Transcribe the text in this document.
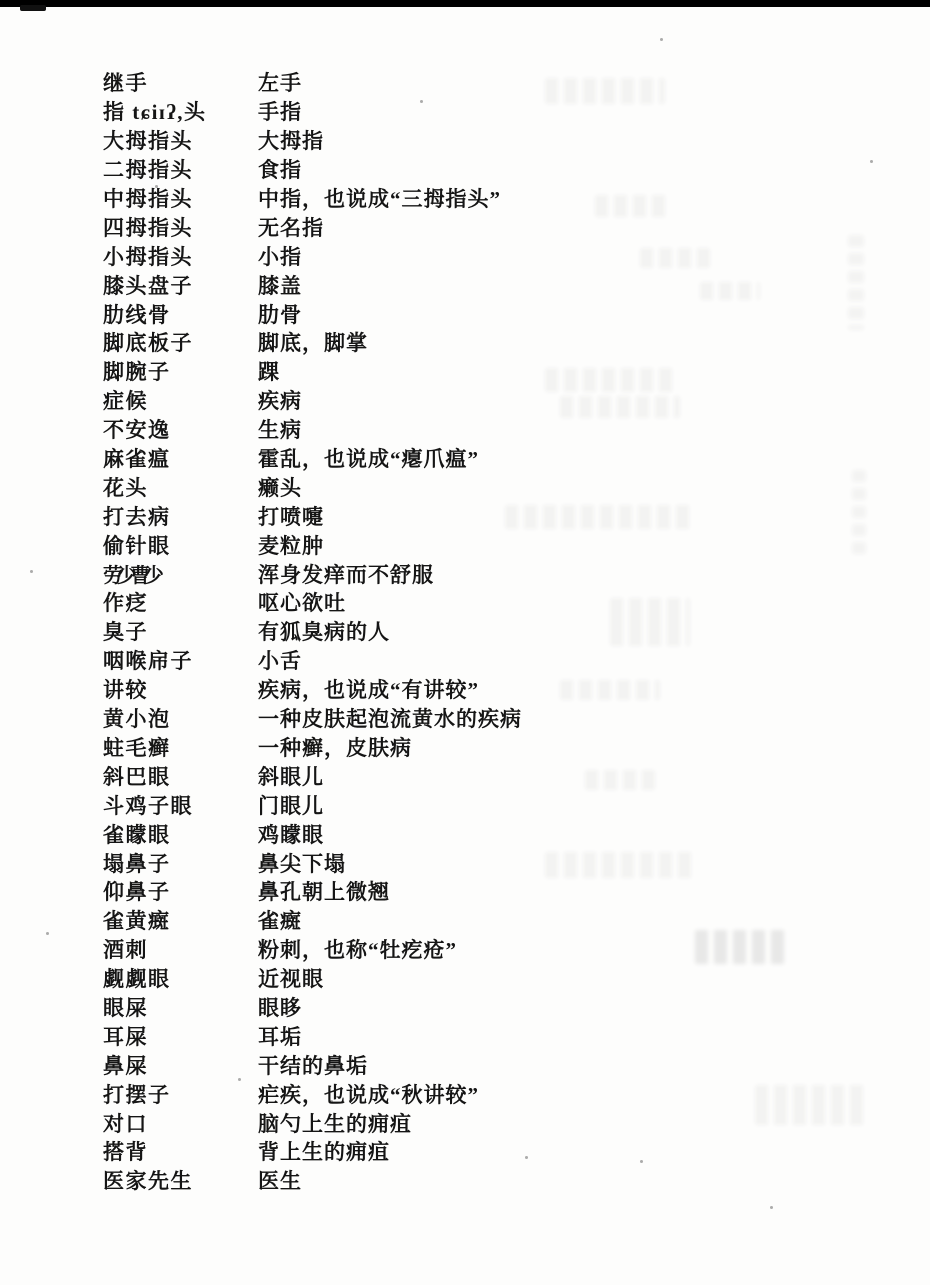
继手	左手
指 tɕiɪʔ,头	手指
大拇指头	大拇指
二拇指头	食指
中拇指头	中指，也说成“三拇指头”
四拇指头	无名指
小拇指头	小指
膝头盘子	膝盖
肋线骨	肋骨
脚底板子	脚底，脚掌
脚腕子	踝
症候	疾病
不安逸	生病
麻雀瘟	霍乱，也说成“瘪爪瘟”
花头	癞头
打去病	打喷嚏
偷针眼	麦粒肿
劳少曹少	浑身发痒而不舒服
作疺	呕心欲吐
臭子	有狐臭病的人
咽喉帍子	小舌
讲较	疾病，也说成“有讲较”
黄小泡	一种皮肤起泡流黄水的疾病
蛀毛癣	一种癣，皮肤病
斜巴眼	斜眼儿
斗鸡子眼	门眼儿
雀矇眼	鸡矇眼
塌鼻子	鼻尖下塌
仰鼻子	鼻孔朝上微翘
雀黄癍	雀癍
酒刺	粉刺，也称“牡疙疮”
觑觑眼	近视眼
眼屎	眼眵
耳屎	耳垢
鼻屎	干结的鼻垢
打摆子	疟疾，也说成“秋讲较”
对口	脑勺上生的痈疽
搭背	背上生的痈疽
医家先生	医生
